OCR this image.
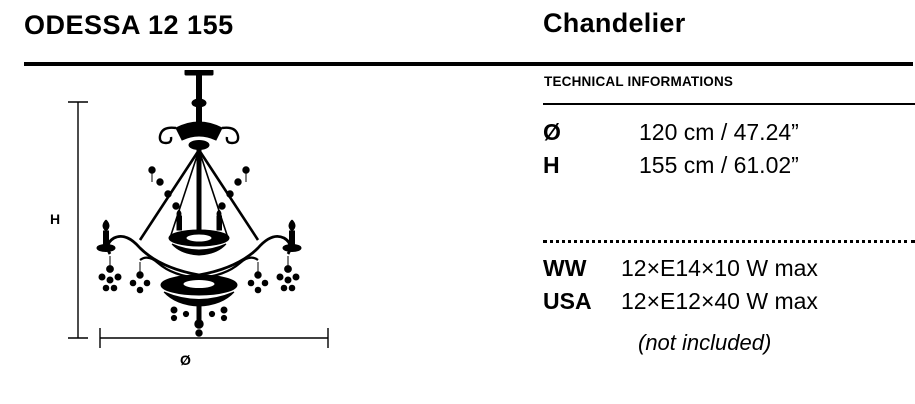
ODESSA 12 155
H
Ø
Chandelier
TECHNICAL INFORMATIONS
Ø	120 cm / 47.24”
H	155 cm / 61.02”
WW	12×E14×10 W max
USA	12×E12×40 W max
(not included)
